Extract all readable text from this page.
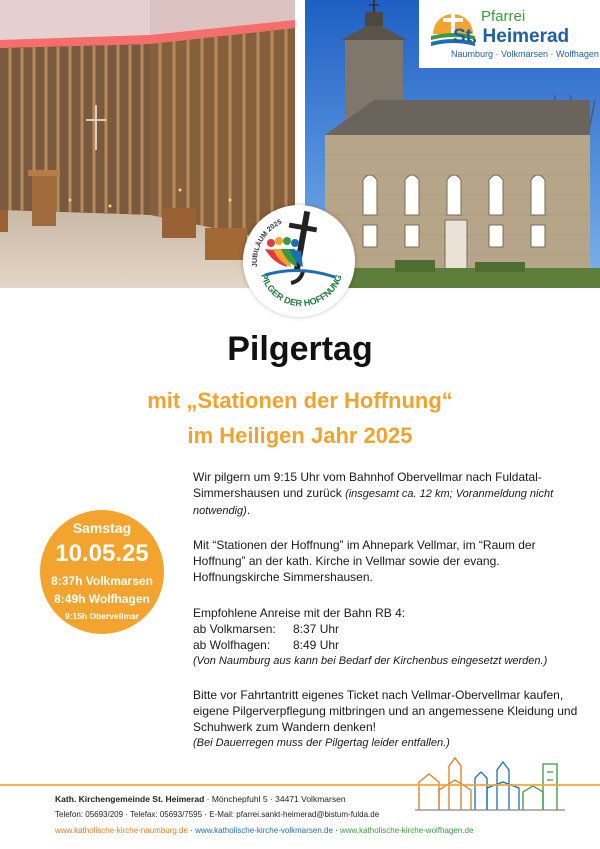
Pfarrei
St. Heimerad
Naumburg · Volkmarsen · Wolfhagen
JUBILÄUM 2025
PILGER DER HOFFNUNG
Pilgertag
mit „Stationen der Hoffnung“
im Heiligen Jahr 2025
Samstag
10.05.25
8:37h Volkmarsen
8:49h Wolfhagen
9:15h Obervellmar
Wir pilgern um 9:15 Uhr vom Bahnhof Obervellmar nach Fuldatal-Simmershausen und zurück (insgesamt ca. 12 km; Voranmeldung nicht notwendig).
Mit “Stationen der Hoffnung” im Ahnepark Vellmar, im “Raum der Hoffnung” an der kath. Kirche in Vellmar sowie der evang. Hoffnungskirche Simmershausen.
Empfohlene Anreise mit der Bahn RB 4:
ab Volkmarsen:	8:37 Uhr
ab Wolfhagen:	8:49 Uhr
(Von Naumburg aus kann bei Bedarf der Kirchenbus eingesetzt werden.)
Bitte vor Fahrtantritt eigenes Ticket nach Vellmar-Obervellmar kaufen, eigene Pilgerverpflegung mitbringen und an angemessene Kleidung und Schuhwerk zum Wandern denken!
(Bei Dauerregen muss der Pilgertag leider entfallen.)
Kath. Kirchengemeinde St. Heimerad · Mönchepfuhl 5 · 34471 Volkmarsen
Telefon: 05693/209 · Telefax: 05693/7595 · E-Mail: pfarrei.sankt-heimerad@bistum-fulda.de
www.katholische-kirche-naumburg.de · www.katholische-kirche-volkmarsen.de · www.katholische-kirche-wolfhagen.de
